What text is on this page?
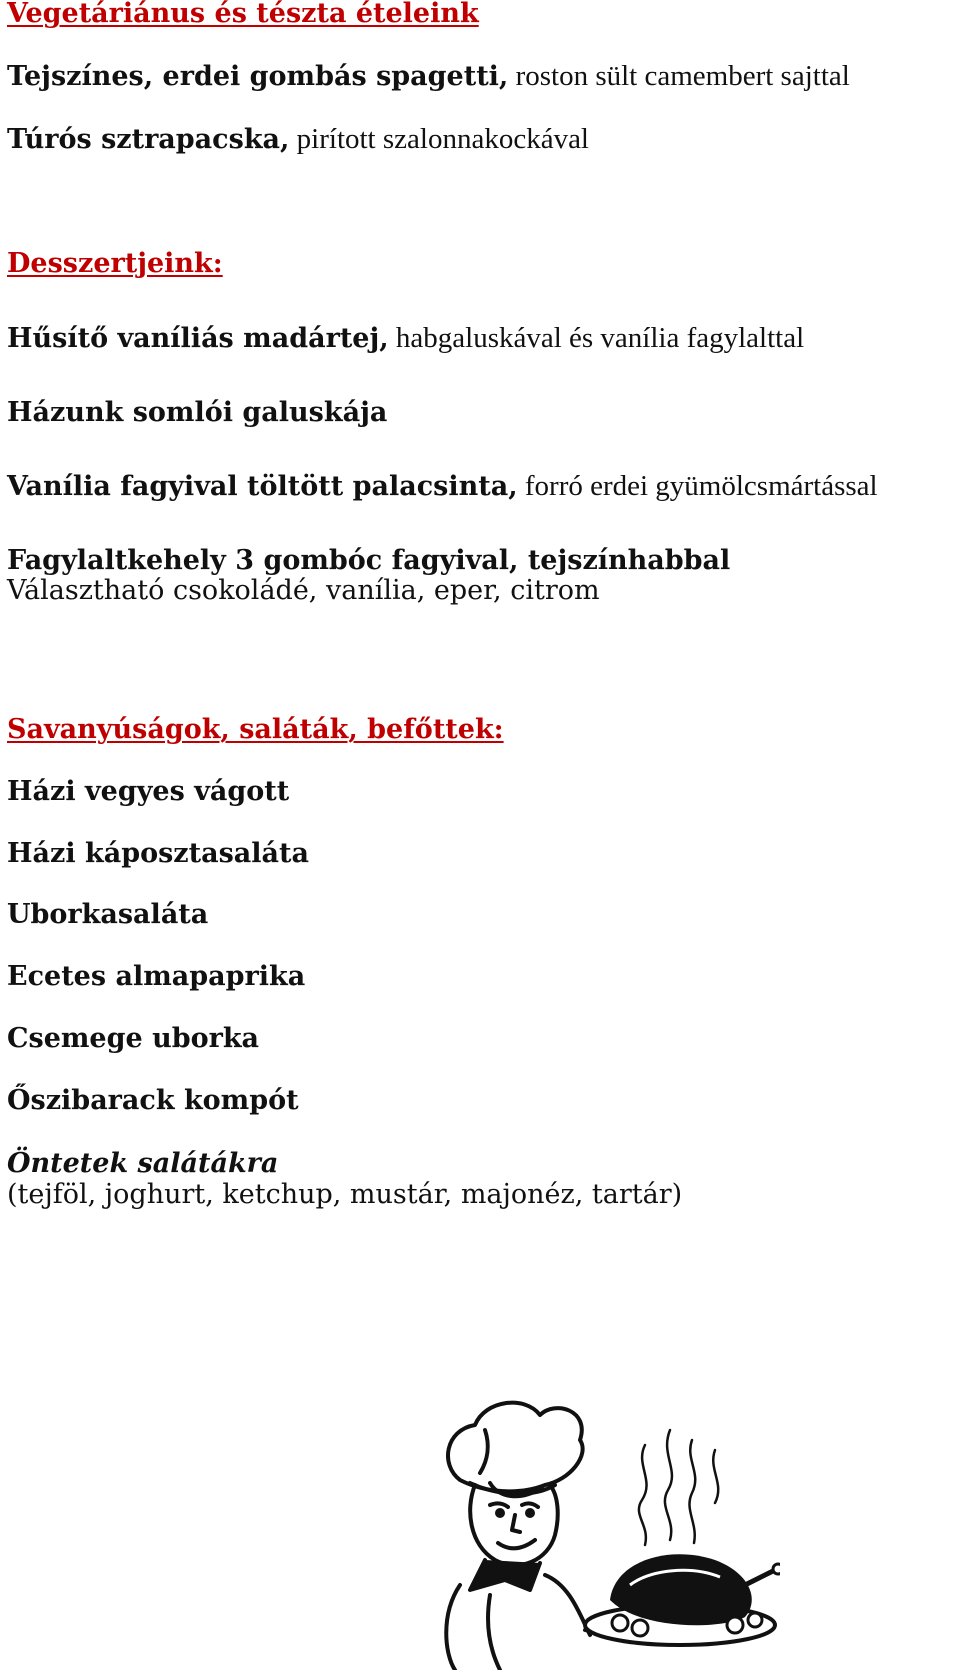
Vegetáriánus és tészta ételeink
Tejszínes, erdei gombás spagetti, roston sült camembert sajttal
Túrós sztrapacska, pirított szalonnakockával
Desszertjeink:
Hűsítő vaníliás madártej, habgaluskával és vanília fagylalttal
Házunk somlói galuskája
Vanília fagyival töltött palacsinta, forró erdei gyümölcsmártással
Fagylaltkehely 3 gombóc fagyival, tejszínhabbal
Választható csokoládé, vanília, eper, citrom
Savanyúságok, saláták, befőttek:
Házi vegyes vágott
Házi káposztasaláta
Uborkasaláta
Ecetes almapaprika
Csemege uborka
Őszibarack kompót
Öntetek salátákra
(tejföl, joghurt, ketchup, mustár, majonéz, tartár)
